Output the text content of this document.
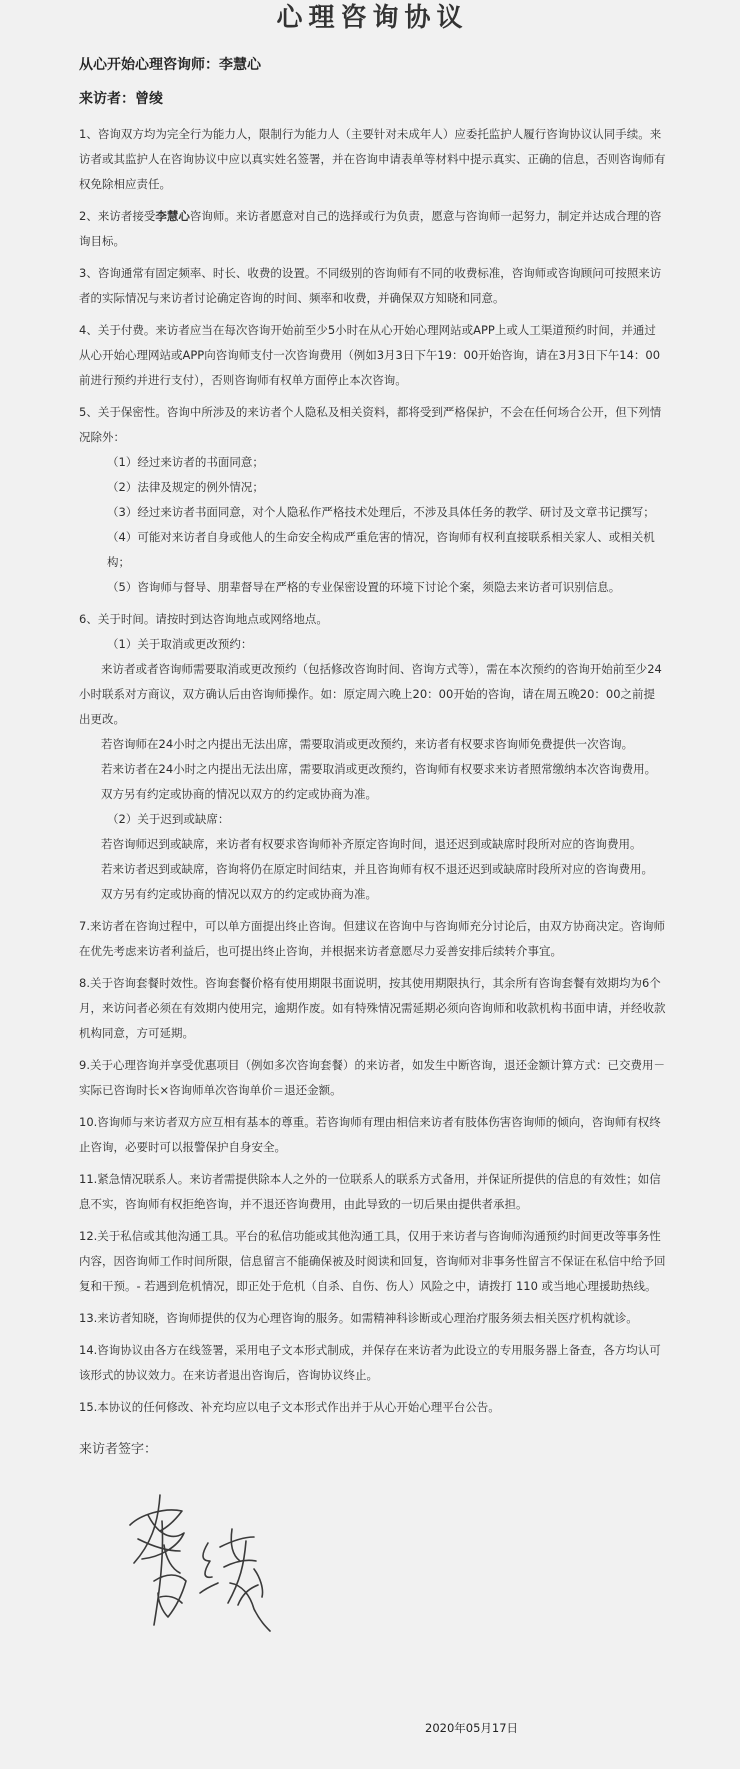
心理咨询协议
从心开始心理咨询师：李慧心
来访者：曾绫

1、咨询双方均为完全行为能力人，限制行为能力人（主要针对未成年人）应委托监护人履行咨询协议认同手续。来访者或其监护人在咨询协议中应以真实姓名签署，并在咨询申请表单等材料中提示真实、正确的信息，否则咨询师有权免除相应责任。

2、来访者接受李慧心咨询师。来访者愿意对自己的选择或行为负责，愿意与咨询师一起努力，制定并达成合理的咨询目标。

3、咨询通常有固定频率、时长、收费的设置。不同级别的咨询师有不同的收费标准，咨询师或咨询顾问可按照来访者的实际情况与来访者讨论确定咨询的时间、频率和收费，并确保双方知晓和同意。

4、关于付费。来访者应当在每次咨询开始前至少5小时在从心开始心理网站或APP上或人工渠道预约时间，并通过从心开始心理网站或APP向咨询师支付一次咨询费用（例如3月3日下午19：00开始咨询，请在3月3日下午14：00前进行预约并进行支付），否则咨询师有权单方面停止本次咨询。

5、关于保密性。咨询中所涉及的来访者个人隐私及相关资料，都将受到严格保护，不会在任何场合公开，但下列情况除外：

（1）经过来访者的书面同意；

（2）法律及规定的例外情况；

（3）经过来访者书面同意，对个人隐私作严格技术处理后，不涉及具体任务的教学、研讨及文章书记撰写；

（4）可能对来访者自身或他人的生命安全构成严重危害的情况，咨询师有权利直接联系相关家人、或相关机构；

（5）咨询师与督导、朋辈督导在严格的专业保密设置的环境下讨论个案，须隐去来访者可识别信息。

6、关于时间。请按时到达咨询地点或网络地点。

（1）关于取消或更改预约：

来访者或者咨询师需要取消或更改预约（包括修改咨询时间、咨询方式等），需在本次预约的咨询开始前至少24小时联系对方商议，双方确认后由咨询师操作。如：原定周六晚上20：00开始的咨询，请在周五晚20：00之前提出更改。

若咨询师在24小时之内提出无法出席，需要取消或更改预约，来访者有权要求咨询师免费提供一次咨询。

若来访者在24小时之内提出无法出席，需要取消或更改预约，咨询师有权要求来访者照常缴纳本次咨询费用。

双方另有约定或协商的情况以双方的约定或协商为准。

（2）关于迟到或缺席：

若咨询师迟到或缺席，来访者有权要求咨询师补齐原定咨询时间，退还迟到或缺席时段所对应的咨询费用。

若来访者迟到或缺席，咨询将仍在原定时间结束，并且咨询师有权不退还迟到或缺席时段所对应的咨询费用。

双方另有约定或协商的情况以双方的约定或协商为准。

7.来访者在咨询过程中，可以单方面提出终止咨询。但建议在咨询中与咨询师充分讨论后，由双方协商决定。咨询师在优先考虑来访者利益后，也可提出终止咨询，并根据来访者意愿尽力妥善安排后续转介事宜。

8.关于咨询套餐时效性。咨询套餐价格有使用期限书面说明，按其使用期限执行，其余所有咨询套餐有效期均为6个月，来访问者必须在有效期内使用完，逾期作废。如有特殊情况需延期必须向咨询师和收款机构书面申请，并经收款机构同意，方可延期。

9.关于心理咨询并享受优惠项目（例如多次咨询套餐）的来访者，如发生中断咨询，退还金额计算方式：已交费用－实际已咨询时长×咨询师单次咨询单价＝退还金额。

10.咨询师与来访者双方应互相有基本的尊重。若咨询师有理由相信来访者有肢体伤害咨询师的倾向，咨询师有权终止咨询，必要时可以报警保护自身安全。

11.紧急情况联系人。来访者需提供除本人之外的一位联系人的联系方式备用，并保证所提供的信息的有效性；如信息不实，咨询师有权拒绝咨询，并不退还咨询费用，由此导致的一切后果由提供者承担。

12.关于私信或其他沟通工具。平台的私信功能或其他沟通工具，仅用于来访者与咨询师沟通预约时间更改等事务性内容，因咨询师工作时间所限，信息留言不能确保被及时阅读和回复，咨询师对非事务性留言不保证在私信中给予回复和干预。- 若遇到危机情况，即正处于危机（自杀、自伤、伤人）风险之中，请拨打 110 或当地心理援助热线。

13.来访者知晓，咨询师提供的仅为心理咨询的服务。如需精神科诊断或心理治疗服务须去相关医疗机构就诊。

14.咨询协议由各方在线签署，采用电子文本形式制成，并保存在来访者为此设立的专用服务器上备查，各方均认可该形式的协议效力。在来访者退出咨询后，咨询协议终止。

15.本协议的任何修改、补充均应以电子文本形式作出并于从心开始心理平台公告。

来访者签字：
曾绫
2020年05月17日
